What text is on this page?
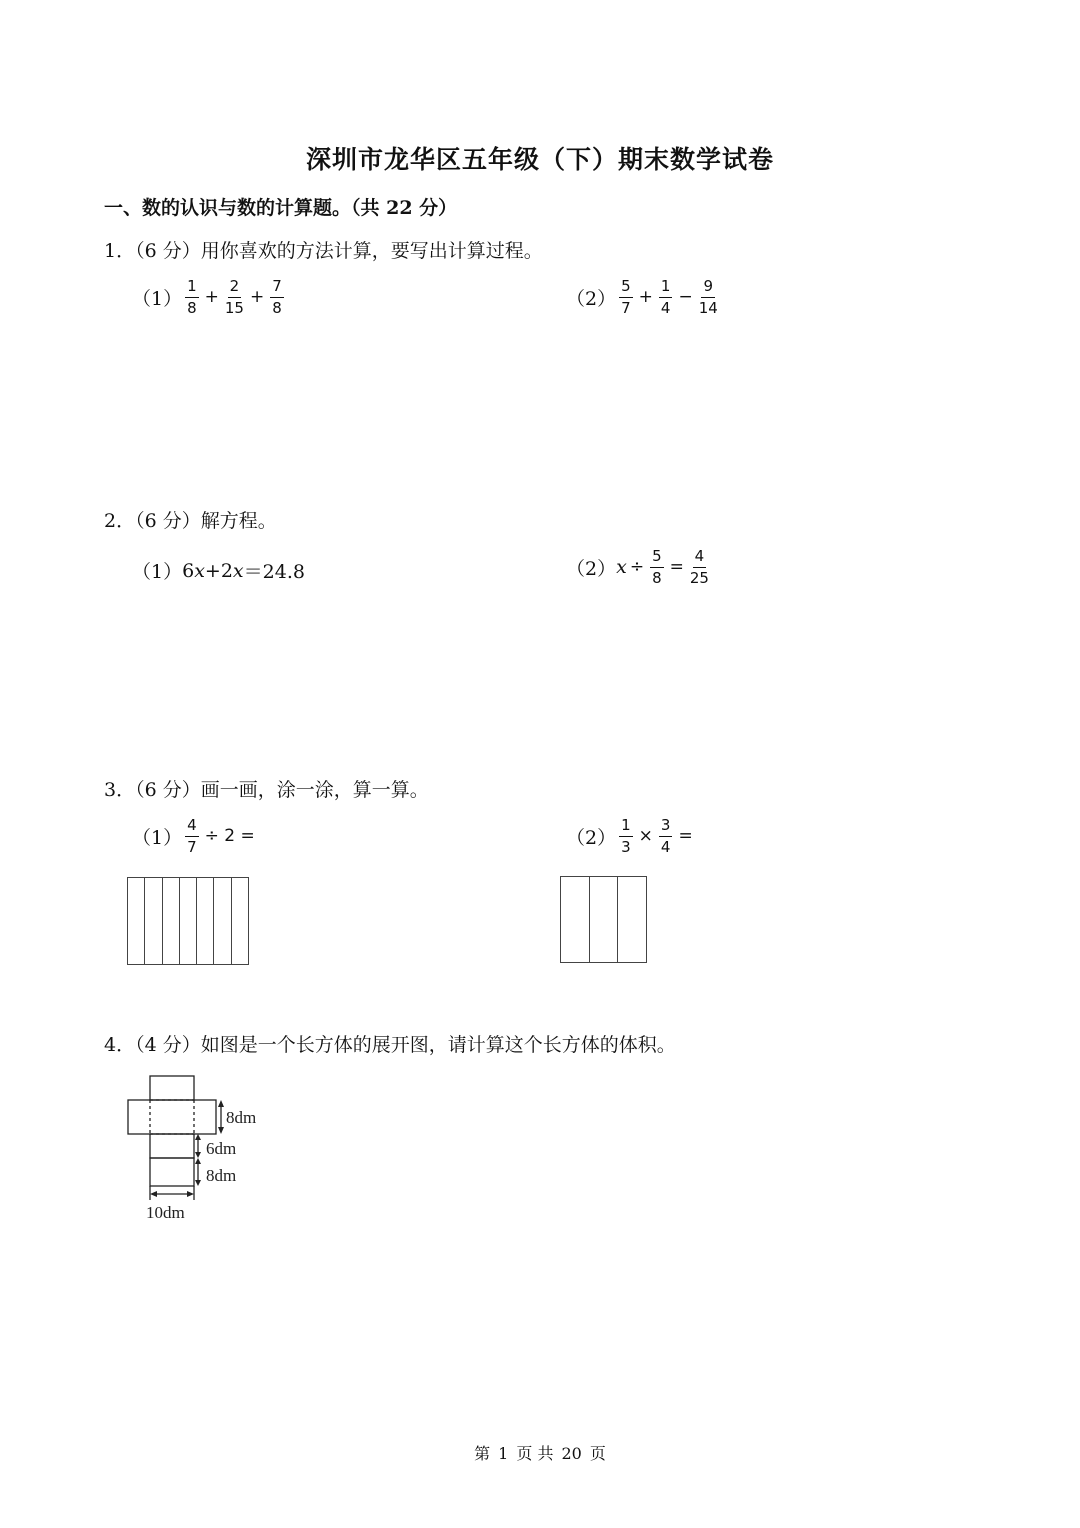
深圳市龙华区五年级（下）期末数学试卷
一、数的认识与数的计算题。（共 22 分）
1．（6 分）用你喜欢的方法计算，要写出计算过程。
$(1) \frac{1}{8} + \frac{2}{15} + \frac{7}{8}$	$(2) \frac{5}{7} + \frac{1}{4} - \frac{9}{14}$
2．（6 分）解方程。
（1） 6 x +2 x ＝24.8	（2） $x \div \frac{5}{8} = \frac{4}{25}$
3．（6 分）画一画，涂一涂，算一算。
$(1) \frac{4}{7} \div 2$ =	$(2) \frac{1}{3} \times \frac{3}{4}$ =
4．（4 分）如图是一个长方体的展开图，请计算这个长方体的体积。
8dm
6dm
8dm
10dm
第 1 页 共 20 页
